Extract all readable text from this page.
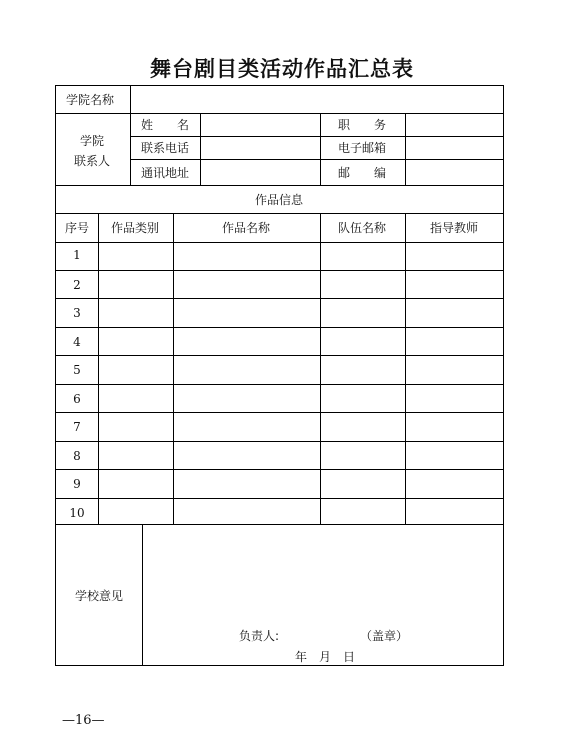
舞台剧目类活动作品汇总表
学院名称
学院
联系人
姓　　名	职　　务
联系电话	电子邮箱
通讯地址	邮　　编
作品信息
序号 作品类别	作品名称	队伍名称	指导教师
1
2
3
4
5
6
7
8
9
10
学校意见
负责人:	（盖章）
年　月　日
—16—
